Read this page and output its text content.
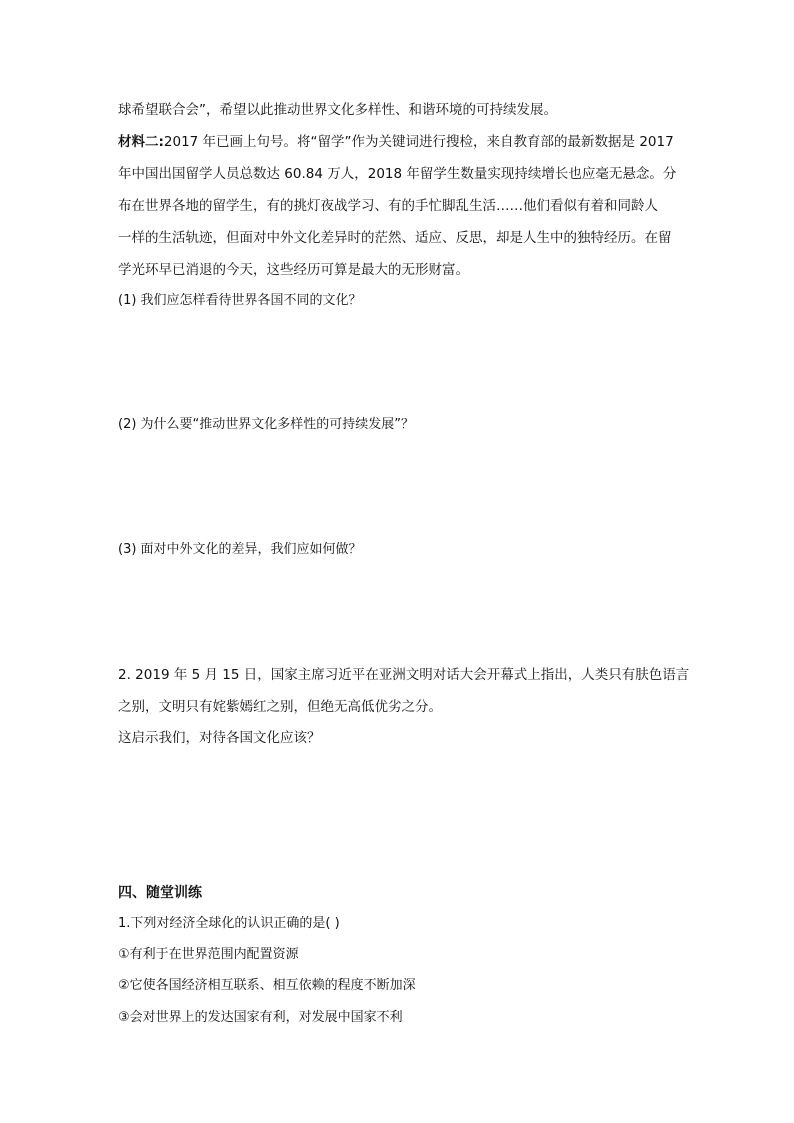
球希望联合会”，希望以此推动世界文化多样性、和谐环境的可持续发展。
材料二:2017 年已画上句号。将“留学”作为关键词进行搜检，来自教育部的最新数据是 2017
年中国出国留学人员总数达 60.84 万人，2018 年留学生数量实现持续增长也应毫无悬念。分
布在世界各地的留学生，有的挑灯夜战学习、有的手忙脚乱生活……他们看似有着和同龄人
一样的生活轨迹，但面对中外文化差异时的茫然、适应、反思，却是人生中的独特经历。在留
学光环早已消退的今天，这些经历可算是最大的无形财富。
(1) 我们应怎样看待世界各国不同的文化？
(2) 为什么要“推动世界文化多样性的可持续发展”？
(3) 面对中外文化的差异，我们应如何做？
2. 2019 年 5 月 15 日，国家主席习近平在亚洲文明对话大会开幕式上指出，人类只有肤色语言
之别，文明只有姹紫嫣红之别，但绝无高低优劣之分。
这启示我们，对待各国文化应该？
四、随堂训练
1.下列对经济全球化的认识正确的是( )
①有利于在世界范围内配置资源
②它使各国经济相互联系、相互依赖的程度不断加深
③会对世界上的发达国家有利，对发展中国家不利
